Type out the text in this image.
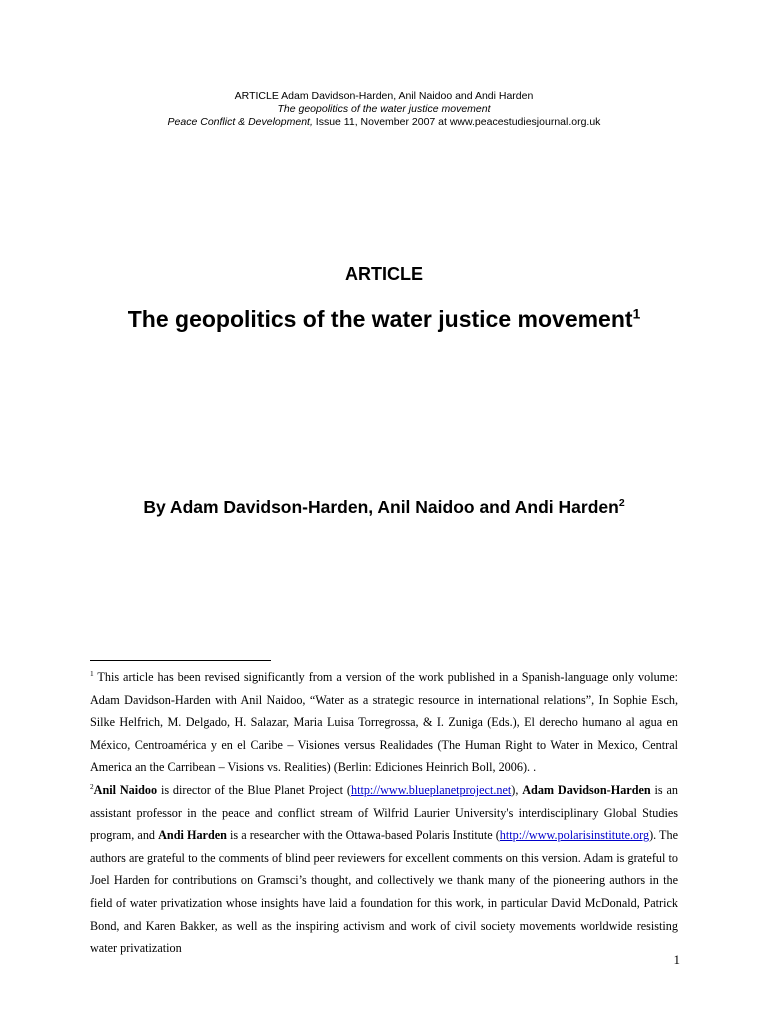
ARTICLE Adam Davidson-Harden, Anil Naidoo and Andi Harden
The geopolitics of the water justice movement
Peace Conflict & Development, Issue 11, November 2007 at www.peacestudiesjournal.org.uk
ARTICLE
The geopolitics of the water justice movement$^1$
By Adam Davidson-Harden, Anil Naidoo and Andi Harden$^2$

$^1$ This article has been revised significantly from a version of the work published in a Spanish-language only volume: Adam Davidson-Harden with Anil Naidoo, “Water as a strategic resource in international relations”, In Sophie Esch, Silke Helfrich, M. Delgado, H. Salazar, Maria Luisa Torregrossa, & I. Zuniga (Eds.), El derecho humano al agua en México, Centroamérica y en el Caribe – Visiones versus Realidades (The Human Right to Water in Mexico, Central America an the Carribean – Visions vs. Realities) (Berlin: Ediciones Heinrich Boll, 2006). .

$^2$Anil Naidoo is director of the Blue Planet Project (http://www.blueplanetproject.net), Adam Davidson-Harden is an assistant professor in the peace and conflict stream of Wilfrid Laurier University's interdisciplinary Global Studies program, and Andi Harden is a researcher with the Ottawa-based Polaris Institute (http://www.polarisinstitute.org). The authors are grateful to the comments of blind peer reviewers for excellent comments on this version. Adam is grateful to Joel Harden for contributions on Gramsci’s thought, and collectively we thank many of the pioneering authors in the field of water privatization whose insights have laid a foundation for this work, in particular David McDonald, Patrick Bond, and Karen Bakker, as well as the inspiring activism and work of civil society movements worldwide resisting water privatization

1
